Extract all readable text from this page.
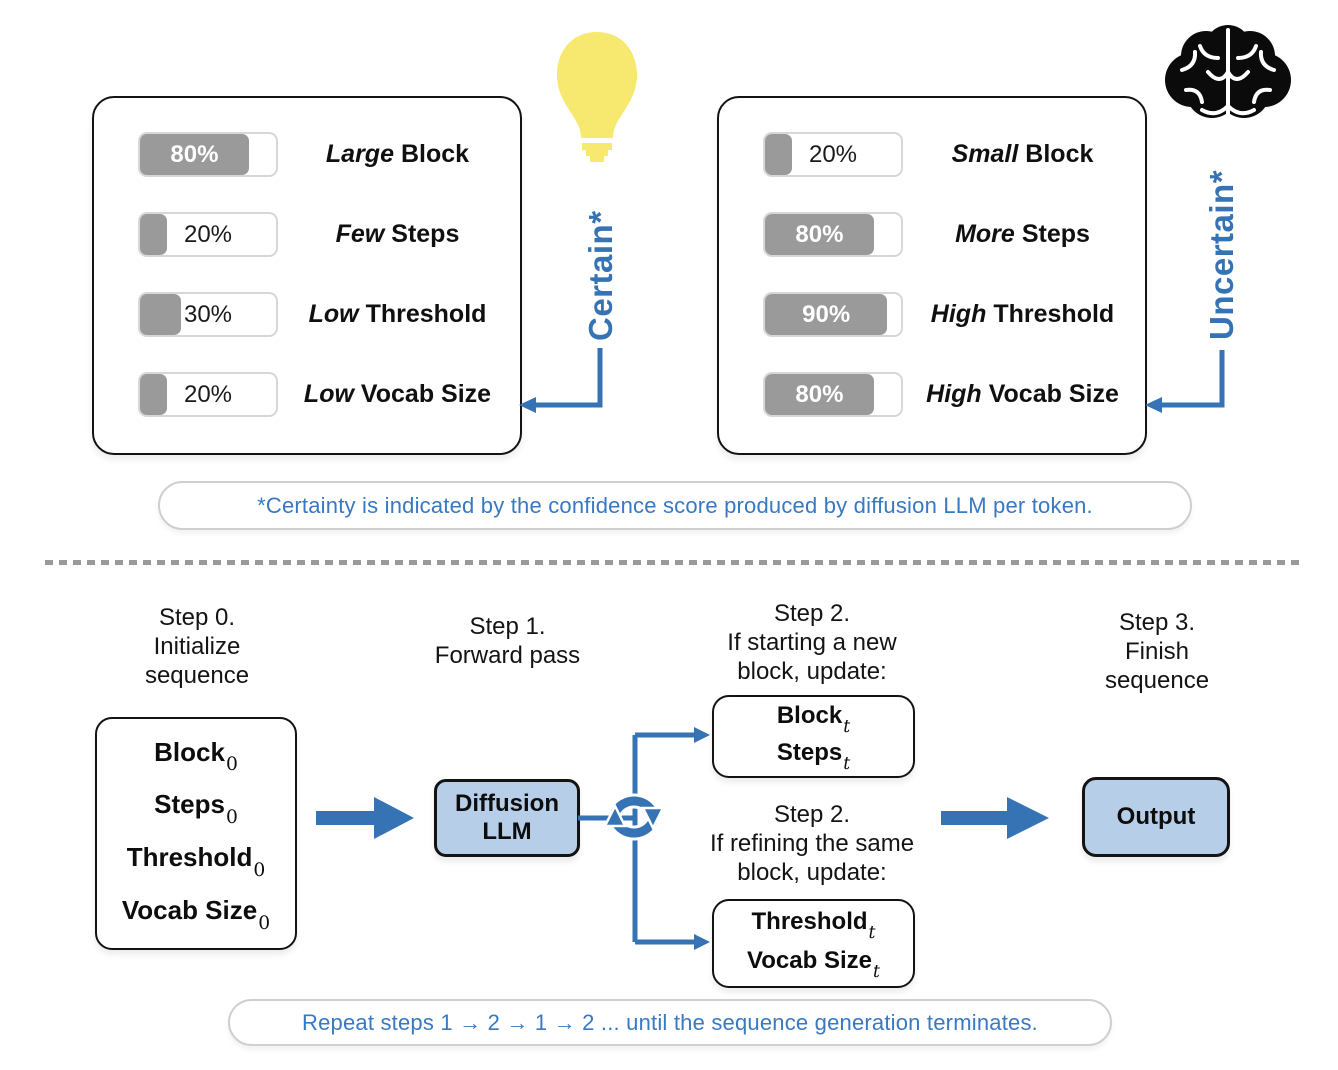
80%	Large Block
20%	Few Steps
30%	Low Threshold
20%	Low Vocab Size
20%	Small Block
80%	More Steps
90%	High Threshold
80%	High Vocab Size
Certain*	Uncertain*
*Certainty is indicated by the confidence score produced by diffusion LLM per token.
Step 0.
Initialize
sequence
Step 1.
Forward pass
Step 2.
If starting a new
block, update:
Step 2.
If refining the same
block, update:
Step 3.
Finish
sequence
Block$_0$
Steps$_0$
Threshold$_0$
Vocab Size$_0$
Diffusion
LLM
Block$_t$
Steps$_t$
Threshold$_t$
Vocab Size$_t$
Output
Repeat steps 1 → 2 → 1 → 2 ... until the sequence generation terminates.
